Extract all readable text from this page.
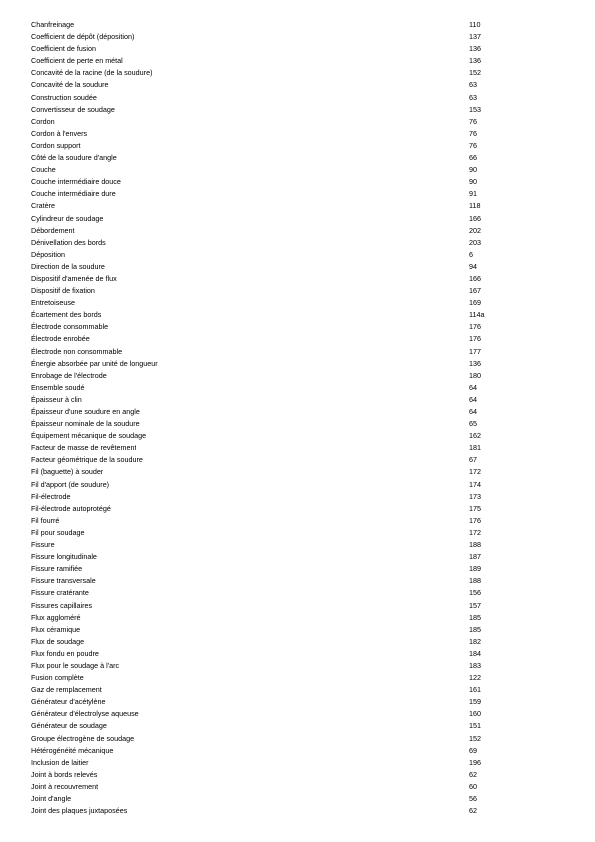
Chanfreinage	110
Coefficient de dépôt (déposition)	137
Coefficient de fusion	136
Coefficient de perte en métal	136
Concavité de la racine (de la soudure)	152
Concavité de la soudure	63
Construction soudée	63
Convertisseur de soudage	153
Cordon	76
Cordon à l'envers	76
Cordon support	76
Côté de la soudure d'angle	66
Couche	90
Couche intermédiaire douce	90
Couche intermédiaire dure	91
Cratère	118
Cylindreur de soudage	166
Débordement	202
Dénivellation des bords	203
Déposition	6
Direction de la soudure	94
Dispositif d'amenée de flux	166
Dispositif de fixation	167
Entretoiseuse	169
Écartement des bords	114a
Électrode consommable	176
Électrode enrobée	176
Électrode non consommable	177
Énergie absorbée par unité de longueur	136
Enrobage de l'électrode	180
Ensemble soudé	64
Épaisseur à clin	64
Épaisseur d'une soudure en angle	64
Épaisseur nominale de la soudure	65
Équipement mécanique de soudage	162
Facteur de masse de revêtement	181
Facteur géométrique de la soudure	67
Fil (baguette) à souder	172
Fil d'apport (de soudure)	174
Fil-électrode	173
Fil-électrode autoprotégé	175
Fil fourré	176
Fil pour soudage	172
Fissure	188
Fissure longitudinale	187
Fissure ramifiée	189
Fissure transversale	188
Fissure cratérante	156
Fissures capillaires	157
Flux aggloméré	185
Flux céramique	185
Flux de soudage	182
Flux fondu en poudre	184
Flux pour le soudage à l'arc	183
Fusion complète	122
Gaz de remplacement	161
Générateur d'acétylène	159
Générateur d'électrolyse aqueuse	160
Générateur de soudage	151
Groupe électrogène de soudage	152
Hétérogénéité mécanique	69
Inclusion de laitier	196
Joint à bords relevés	62
Joint à recouvrement	60
Joint d'angle	56
Joint des plaques juxtaposées	62
